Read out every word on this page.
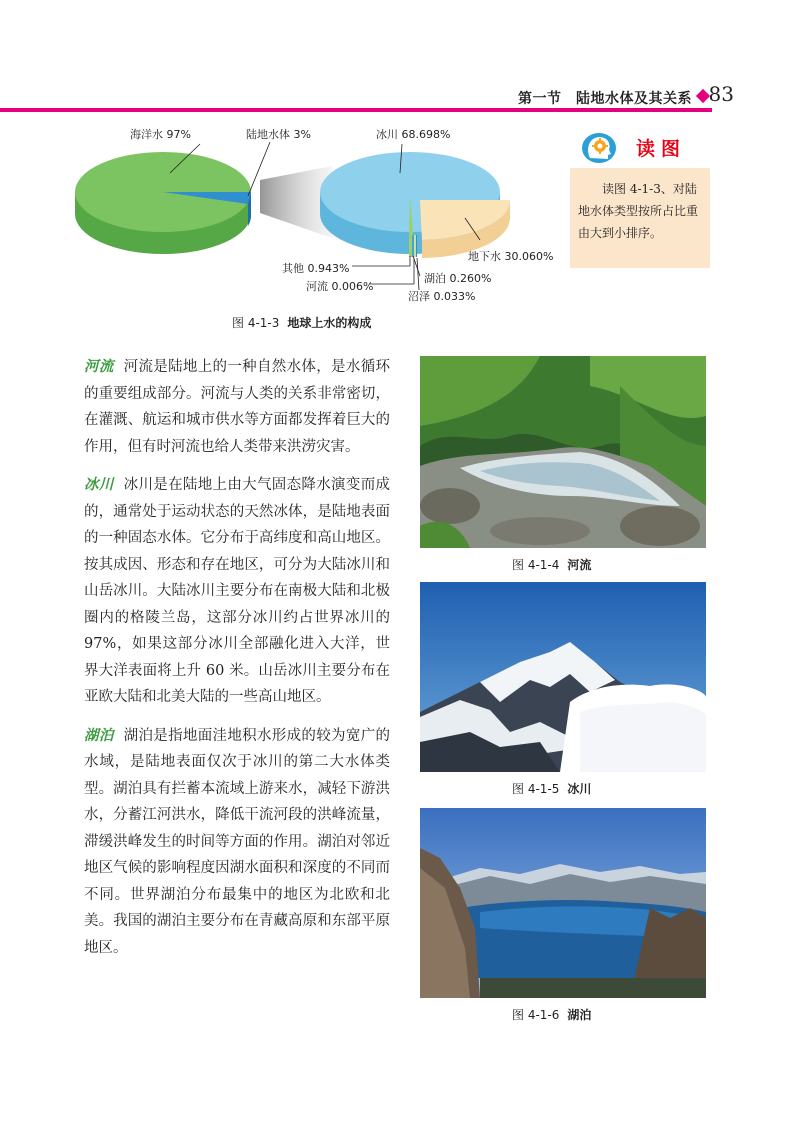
第一节　陆地水体及其关系 83
海洋水 97%	陆地水体 3%	冰川 68.698%
地下水 30.060%
其他 0.943%
湖泊 0.260%
河流 0.006%
沼泽 0.033%
图 4-1-3 地球上水的构成
读图
读图 4-1-3、对陆地水体类型按所占比重由大到小排序。

河流 河流是陆地上的一种自然水体，是水循环的重要组成部分。河流与人类的关系非常密切，在灌溉、航运和城市供水等方面都发挥着巨大的作用，但有时河流也给人类带来洪涝灾害。

冰川 冰川是在陆地上由大气固态降水演变而成的，通常处于运动状态的天然冰体，是陆地表面的一种固态水体。它分布于高纬度和高山地区。按其成因、形态和存在地区，可分为大陆冰川和山岳冰川。大陆冰川主要分布在南极大陆和北极圈内的格陵兰岛，这部分冰川约占世界冰川的97%，如果这部分冰川全部融化进入大洋，世界大洋表面将上升 60 米。山岳冰川主要分布在亚欧大陆和北美大陆的一些高山地区。

湖泊 湖泊是指地面洼地积水形成的较为宽广的水域，是陆地表面仅次于冰川的第二大水体类型。湖泊具有拦蓄本流域上游来水，减轻下游洪水，分蓄江河洪水，降低干流河段的洪峰流量，滞缓洪峰发生的时间等方面的作用。湖泊对邻近地区气候的影响程度因湖水面积和深度的不同而不同。世界湖泊分布最集中的地区为北欧和北美。我国的湖泊主要分布在青藏高原和东部平原地区。

图 4-1-4 河流
图 4-1-5 冰川
图 4-1-6 湖泊
